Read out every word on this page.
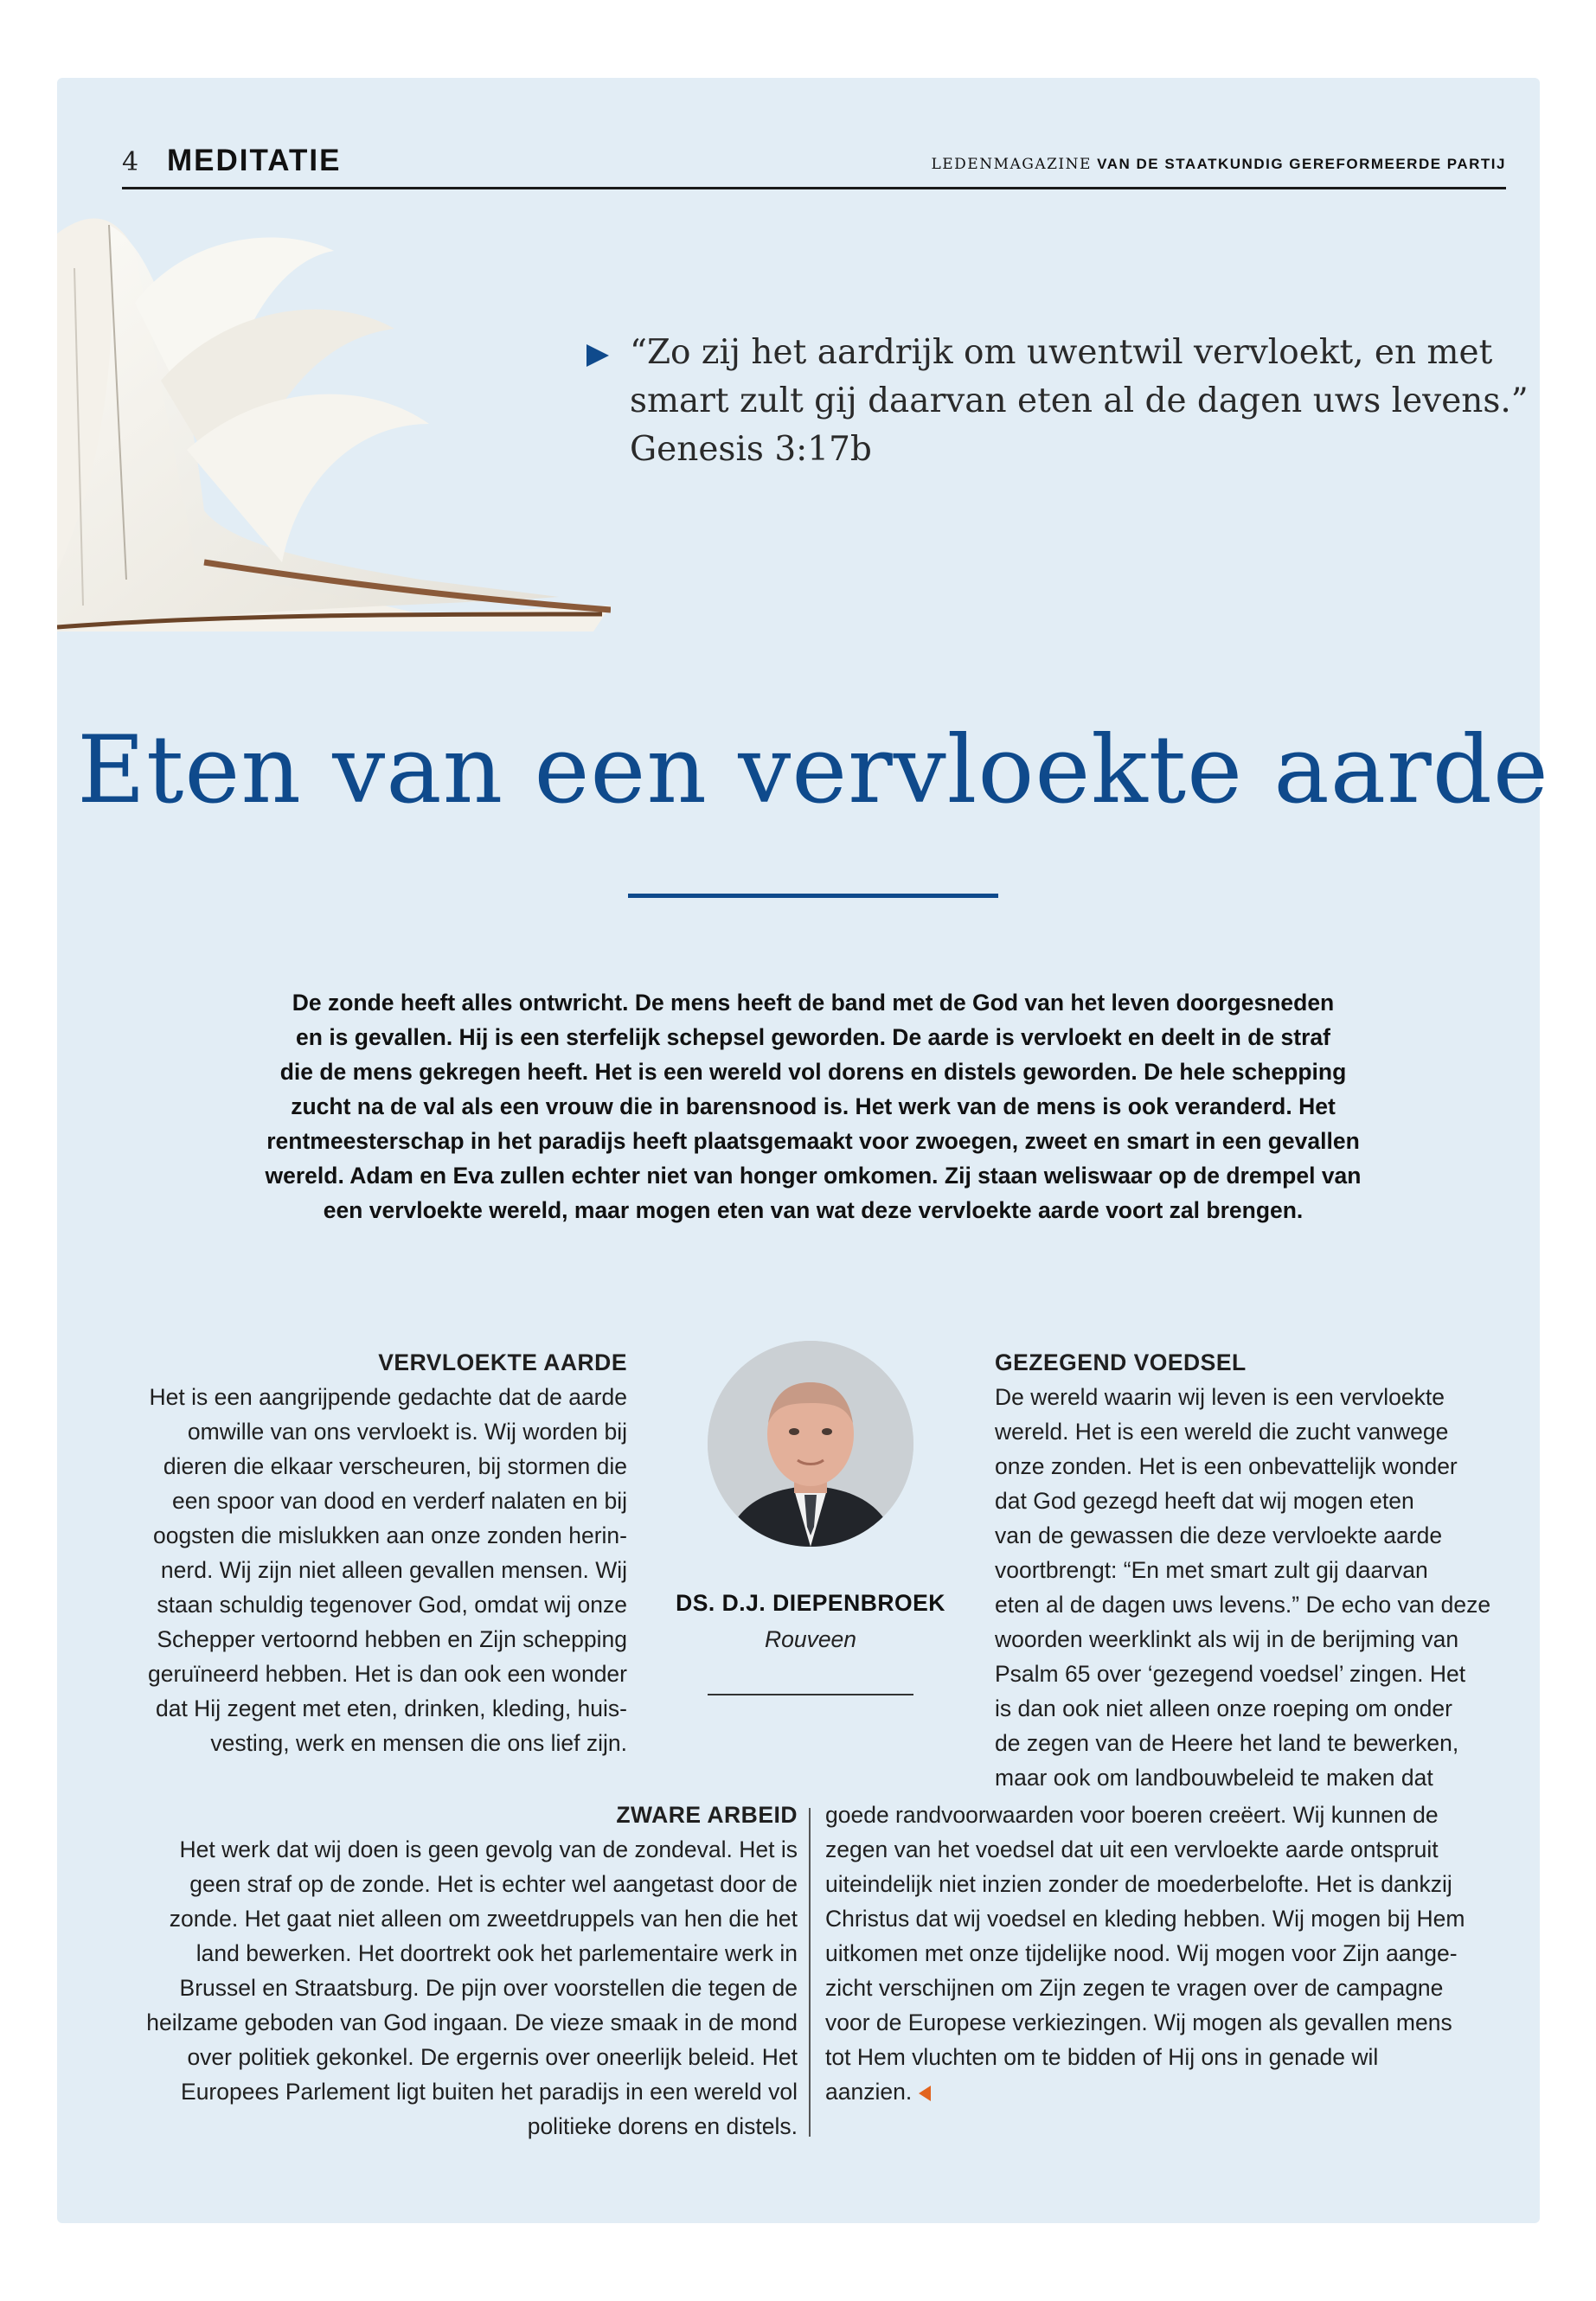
4 MEDITATIE	LEDENMAGAZINE VAN DE STAATKUNDIG GEREFORMEERDE PARTIJ
“Zo zij het aardrijk om uwentwil vervloekt, en met
smart zult gij daarvan eten al de dagen uws levens.”
Genesis 3:17b
Eten van een vervloekte aarde
De zonde heeft alles ontwricht. De mens heeft de band met de God van het leven doorgesneden
en is gevallen. Hij is een sterfelijk schepsel geworden. De aarde is vervloekt en deelt in de straf
die de mens gekregen heeft. Het is een wereld vol dorens en distels geworden. De hele schepping
zucht na de val als een vrouw die in barensnood is. Het werk van de mens is ook veranderd. Het
rentmeesterschap in het paradijs heeft plaatsgemaakt voor zwoegen, zweet en smart in een gevallen
wereld. Adam en Eva zullen echter niet van honger omkomen. Zij staan weliswaar op de drempel van
een vervloekte wereld, maar mogen eten van wat deze vervloekte aarde voort zal brengen.
VERVLOEKTE AARDE
Het is een aangrijpende gedachte dat de aarde
omwille van ons vervloekt is. Wij worden bij
dieren die elkaar verscheuren, bij stormen die
een spoor van dood en verderf nalaten en bij
oogsten die mislukken aan onze zonden herin-
nerd. Wij zijn niet alleen gevallen mensen. Wij
staan schuldig tegenover God, omdat wij onze
Schepper vertoornd hebben en Zijn schepping
geruïneerd hebben. Het is dan ook een wonder
dat Hij zegent met eten, drinken, kleding, huis-
vesting, werk en mensen die ons lief zijn.
DS. D.J. DIEPENBROEK
Rouveen
GEZEGEND VOEDSEL
De wereld waarin wij leven is een vervloekte
wereld. Het is een wereld die zucht vanwege
onze zonden. Het is een onbevattelijk wonder
dat God gezegd heeft dat wij mogen eten
van de gewassen die deze vervloekte aarde
voortbrengt: “En met smart zult gij daarvan
eten al de dagen uws levens.” De echo van deze
woorden weerklinkt als wij in de berijming van
Psalm 65 over ‘gezegend voedsel’ zingen. Het
is dan ook niet alleen onze roeping om onder
de zegen van de Heere het land te bewerken,
maar ook om landbouwbeleid te maken dat
ZWARE ARBEID
Het werk dat wij doen is geen gevolg van de zondeval. Het is
geen straf op de zonde. Het is echter wel aangetast door de
zonde. Het gaat niet alleen om zweetdruppels van hen die het
land bewerken. Het doortrekt ook het parlementaire werk in
Brussel en Straatsburg. De pijn over voorstellen die tegen de
heilzame geboden van God ingaan. De vieze smaak in de mond
over politiek gekonkel. De ergernis over oneerlijk beleid. Het
Europees Parlement ligt buiten het paradijs in een wereld vol
politieke dorens en distels.
goede randvoorwaarden voor boeren creëert. Wij kunnen de
zegen van het voedsel dat uit een vervloekte aarde ontspruit
uiteindelijk niet inzien zonder de moederbelofte. Het is dankzij
Christus dat wij voedsel en kleding hebben. Wij mogen bij Hem
uitkomen met onze tijdelijke nood. Wij mogen voor Zijn aange-
zicht verschijnen om Zijn zegen te vragen over de campagne
voor de Europese verkiezingen. Wij mogen als gevallen mens
tot Hem vluchten om te bidden of Hij ons in genade wil
aanzien.
